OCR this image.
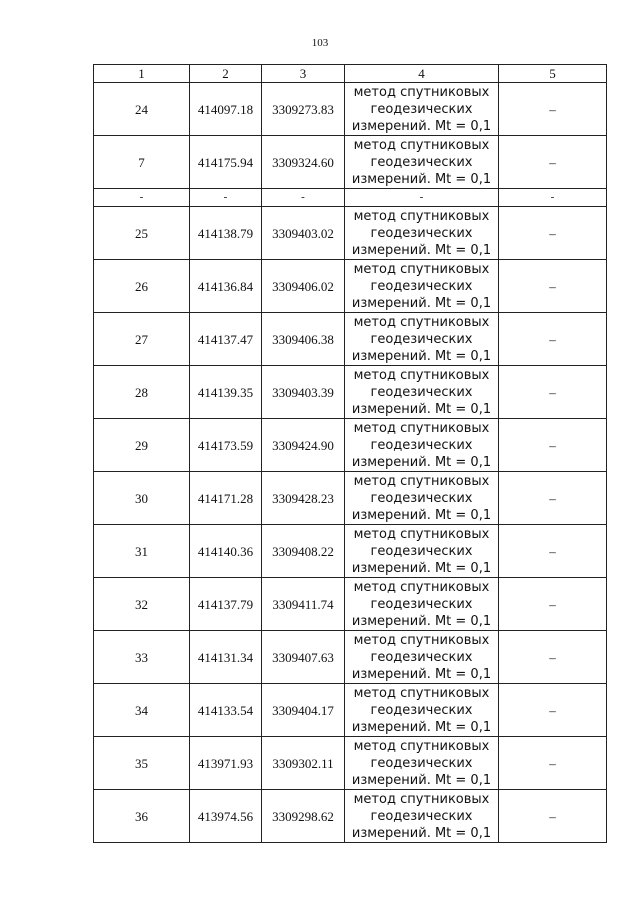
103
1	2	3	4	5
24	414097.18	3309273.83	метод спутниковых
геодезических
измерений. Mt = 0,1	–
7	414175.94	3309324.60	метод спутниковых
геодезических
измерений. Mt = 0,1	–
-	-	-	-	-
25	414138.79	3309403.02	метод спутниковых
геодезических
измерений. Mt = 0,1	–
26	414136.84	3309406.02	метод спутниковых
геодезических
измерений. Mt = 0,1	–
27	414137.47	3309406.38	метод спутниковых
геодезических
измерений. Mt = 0,1	–
28	414139.35	3309403.39	метод спутниковых
геодезических
измерений. Mt = 0,1	–
29	414173.59	3309424.90	метод спутниковых
геодезических
измерений. Mt = 0,1	–
30	414171.28	3309428.23	метод спутниковых
геодезических
измерений. Mt = 0,1	–
31	414140.36	3309408.22	метод спутниковых
геодезических
измерений. Mt = 0,1	–
32	414137.79	3309411.74	метод спутниковых
геодезических
измерений. Mt = 0,1	–
33	414131.34	3309407.63	метод спутниковых
геодезических
измерений. Mt = 0,1	–
34	414133.54	3309404.17	метод спутниковых
геодезических
измерений. Mt = 0,1	–
35	413971.93	3309302.11	метод спутниковых
геодезических
измерений. Mt = 0,1	–
36	413974.56	3309298.62	метод спутниковых
геодезических
измерений. Mt = 0,1	–
